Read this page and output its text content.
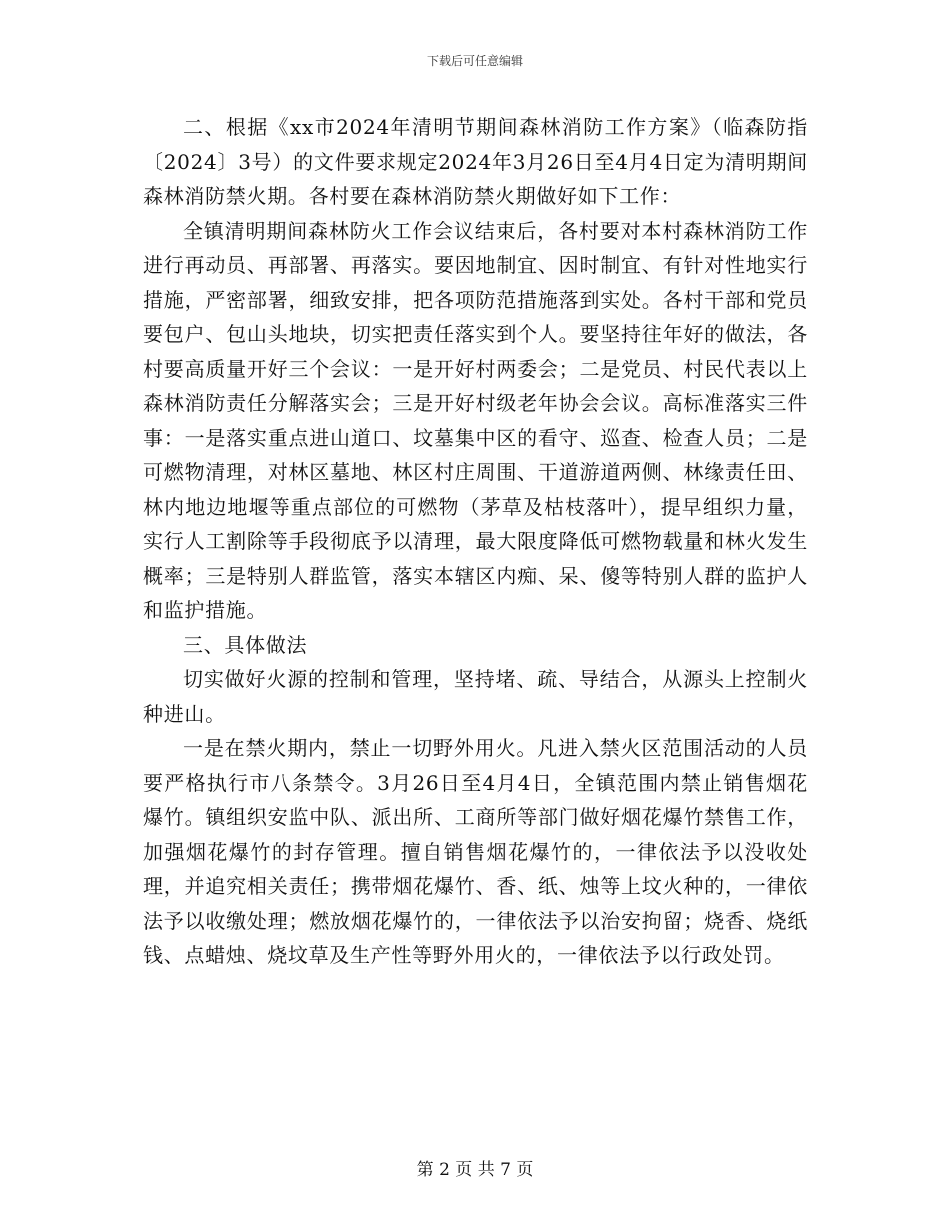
下载后可任意编辑

二、根据《xx市2024年清明节期间森林消防工作方案》（临森防指〔2024〕3号）的文件要求规定2024年3月26日至4月4日定为清明期间森林消防禁火期。各村要在森林消防禁火期做好如下工作：

全镇清明期间森林防火工作会议结束后，各村要对本村森林消防工作进行再动员、再部署、再落实。要因地制宜、因时制宜、有针对性地实行措施，严密部署，细致安排，把各项防范措施落到实处。各村干部和党员要包户、包山头地块，切实把责任落实到个人。要坚持往年好的做法，各村要高质量开好三个会议：一是开好村两委会；二是党员、村民代表以上森林消防责任分解落实会；三是开好村级老年协会会议。高标准落实三件事：一是落实重点进山道口、坟墓集中区的看守、巡查、检查人员；二是可燃物清理，对林区墓地、林区村庄周围、干道游道两侧、林缘责任田、林内地边地堰等重点部位的可燃物（茅草及枯枝落叶），提早组织力量，实行人工割除等手段彻底予以清理，最大限度降低可燃物载量和林火发生概率；三是特别人群监管，落实本辖区内痴、呆、傻等特别人群的监护人和监护措施。

三、具体做法

切实做好火源的控制和管理，坚持堵、疏、导结合，从源头上控制火种进山。

一是在禁火期内，禁止一切野外用火。凡进入禁火区范围活动的人员要严格执行市八条禁令。3月26日至4月4日，全镇范围内禁止销售烟花爆竹。镇组织安监中队、派出所、工商所等部门做好烟花爆竹禁售工作，加强烟花爆竹的封存管理。擅自销售烟花爆竹的，一律依法予以没收处理，并追究相关责任；携带烟花爆竹、香、纸、烛等上坟火种的，一律依法予以收缴处理；燃放烟花爆竹的，一律依法予以治安拘留；烧香、烧纸钱、点蜡烛、烧坟草及生产性等野外用火的，一律依法予以行政处罚。

第 2 页 共 7 页
